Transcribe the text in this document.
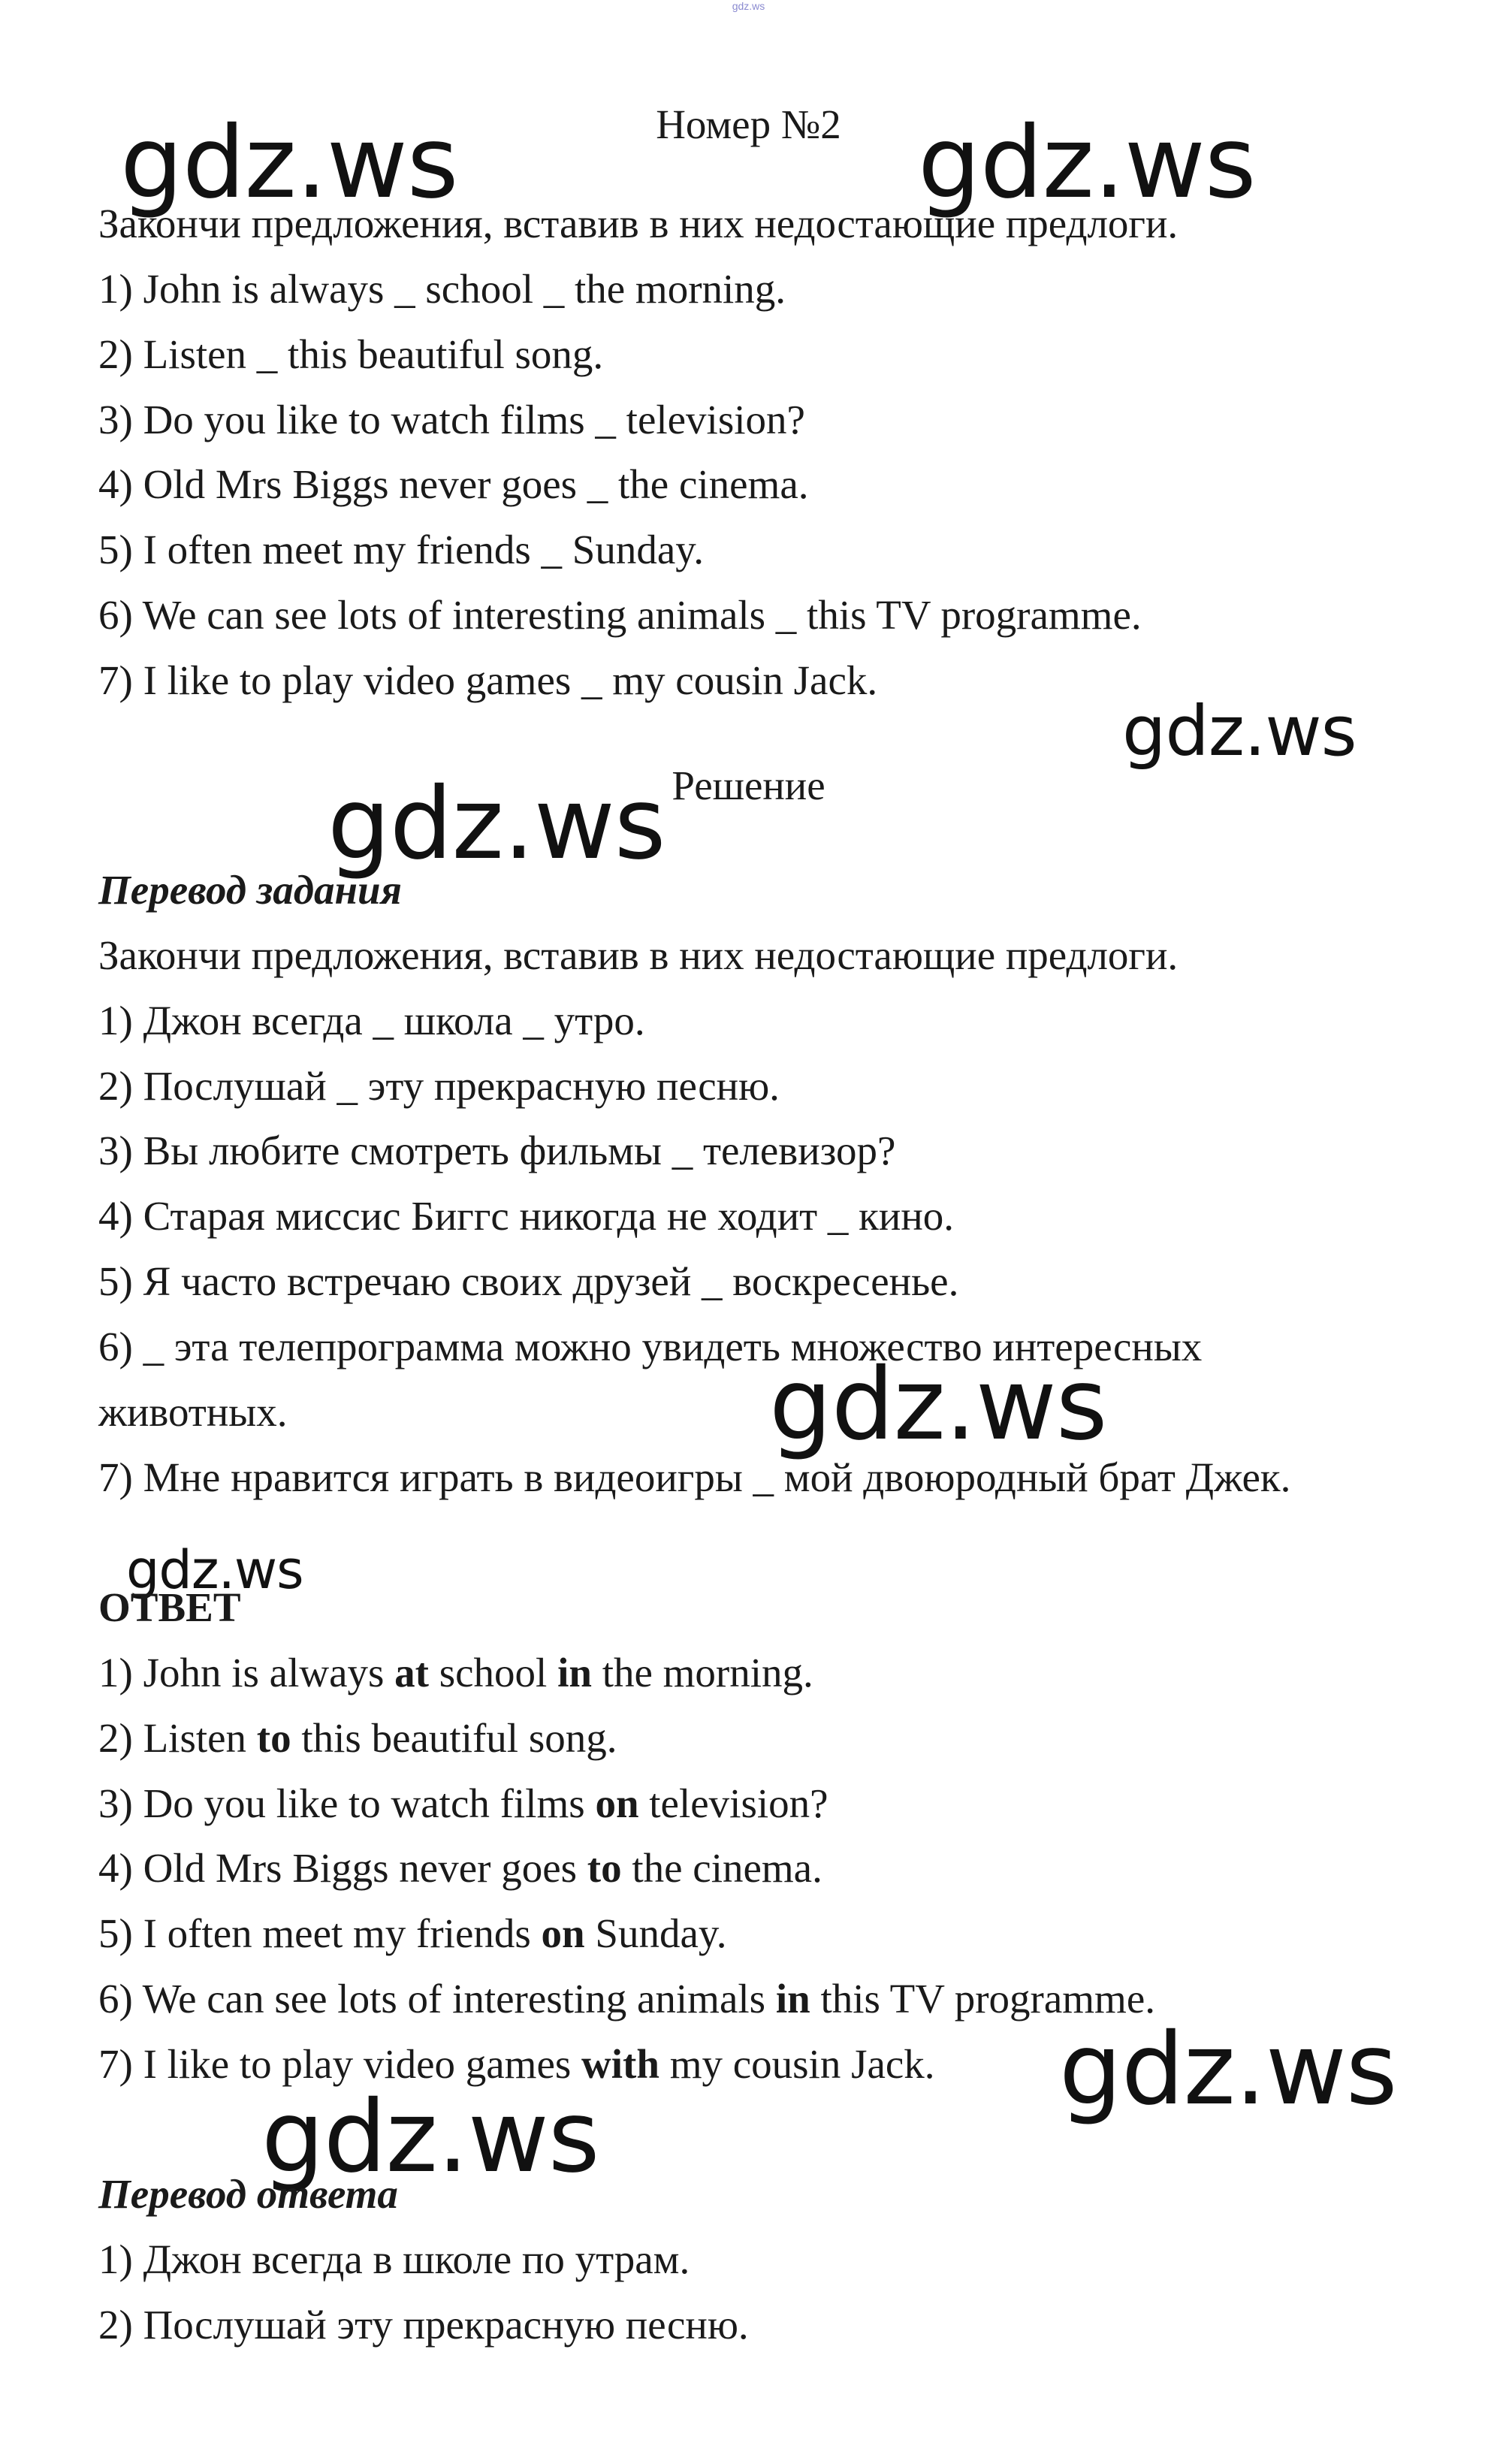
gdz.ws
gdz.ws	gdz.ws
gdz.ws
gdz.ws
gdz.ws
gdz.ws
gdz.ws
gdz.ws

Номер №2

Закончи предложения, вставив в них недостающие предлоги.

1) John is always _ school _ the morning.

2) Listen _ this beautiful song.

3) Do you like to watch films _ television?

4) Old Mrs Biggs never goes _ the cinema.

5) I often meet my friends _ Sunday.

6) We can see lots of interesting animals _ this TV programme.

7) I like to play video games _ my cousin Jack.

Решение

Перевод задания

Закончи предложения, вставив в них недостающие предлоги.

1) Джон всегда _ школа _ утро.

2) Послушай _ эту прекрасную песню.

3) Вы любите смотреть фильмы _ телевизор?

4) Старая миссис Биггс никогда не ходит _ кино.

5) Я часто встречаю своих друзей _ воскресенье.

6) _ эта телепрограмма можно увидеть множество интересных

животных.

7) Мне нравится играть в видеоигры _ мой двоюродный брат Джек.

ОТВЕТ

1) John is always at school in the morning.

2) Listen to this beautiful song.

3) Do you like to watch films on television?

4) Old Mrs Biggs never goes to the cinema.

5) I often meet my friends on Sunday.

6) We can see lots of interesting animals in this TV programme.

7) I like to play video games with my cousin Jack.

Перевод ответа

1) Джон всегда в школе по утрам.

2) Послушай эту прекрасную песню.
